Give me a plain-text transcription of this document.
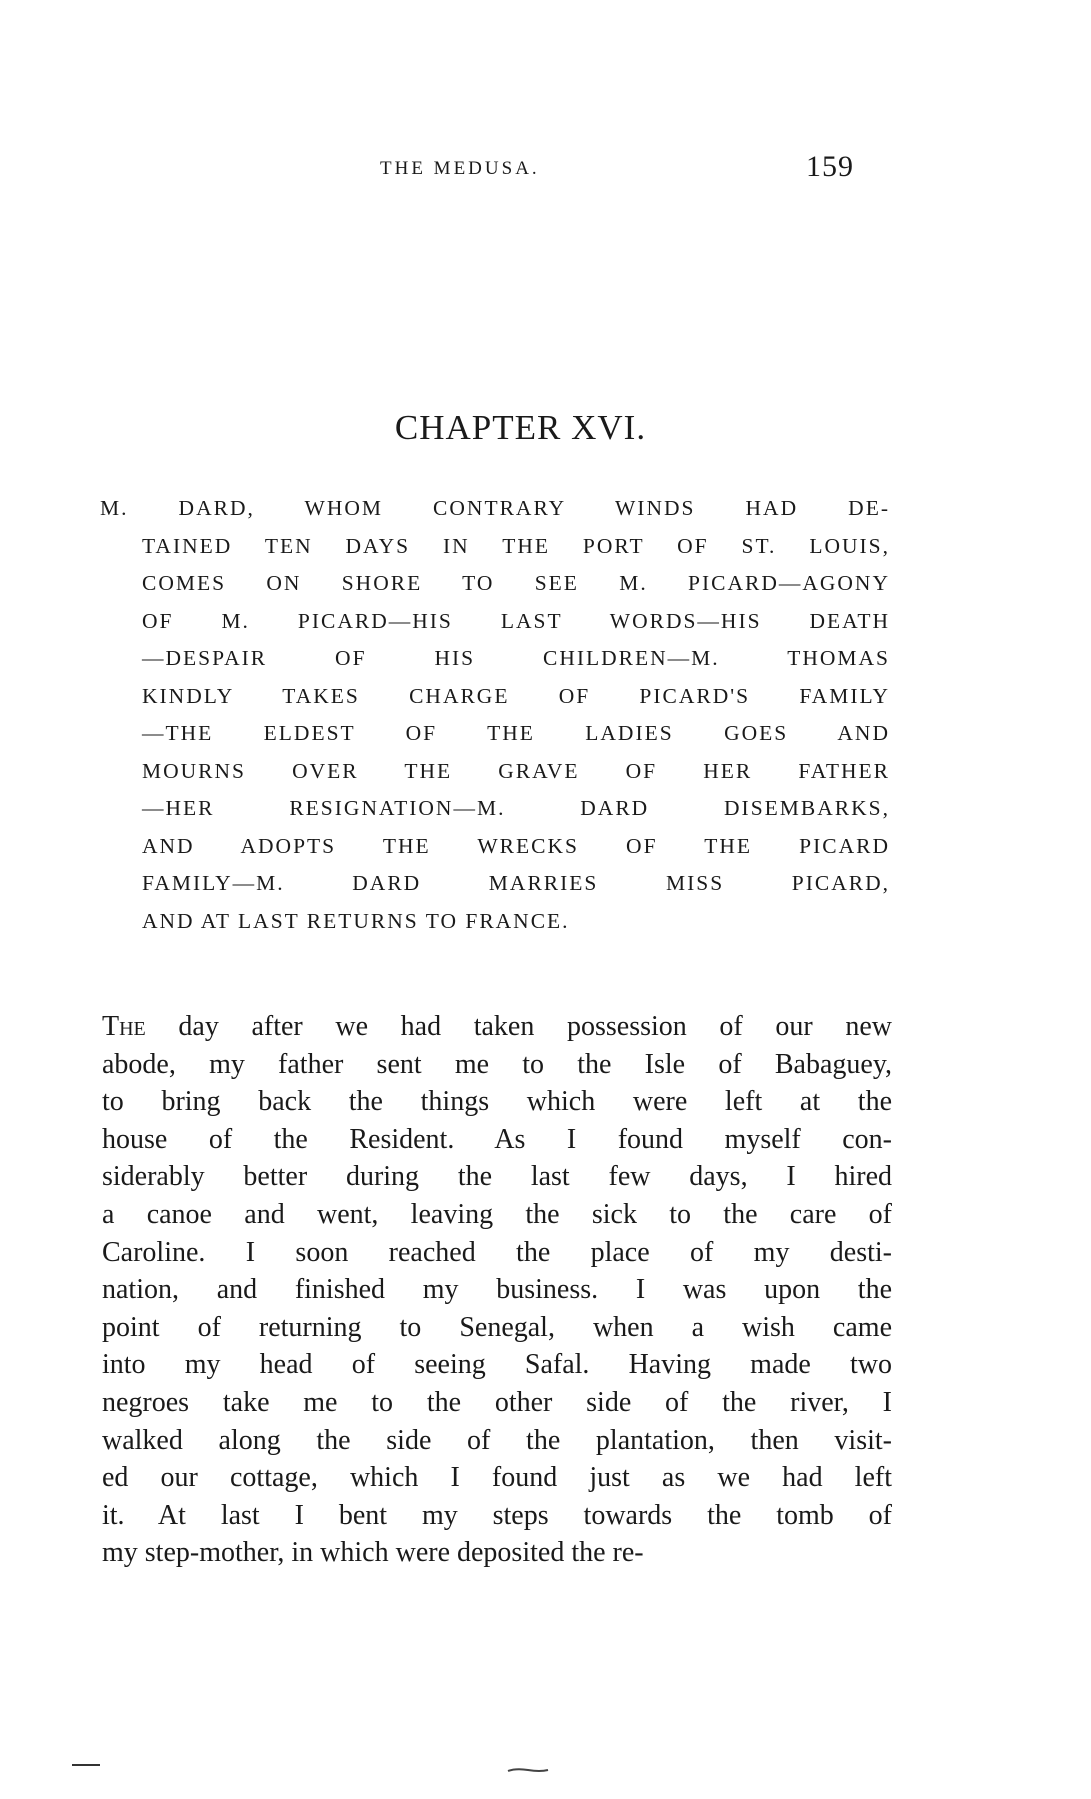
THE MEDUSA.	159
CHAPTER XVI.
M. DARD, WHOM CONTRARY WINDS HAD DE-
TAINED TEN DAYS IN THE PORT OF ST. LOUIS,
COMES ON SHORE TO SEE M. PICARD—AGONY
OF M. PICARD—HIS LAST WORDS—HIS DEATH
—DESPAIR OF HIS CHILDREN—M. THOMAS
KINDLY TAKES CHARGE OF PICARD'S FAMILY
—THE ELDEST OF THE LADIES GOES AND
MOURNS OVER THE GRAVE OF HER FATHER
—HER RESIGNATION—M. DARD DISEMBARKS,
AND ADOPTS THE WRECKS OF THE PICARD
FAMILY—M. DARD MARRIES MISS PICARD,
AND AT LAST RETURNS TO FRANCE.
The day after we had taken possession of our new
abode, my father sent me to the Isle of Babaguey,
to bring back the things which were left at the
house of the Resident. As I found myself con-
siderably better during the last few days, I hired
a canoe and went, leaving the sick to the care of
Caroline. I soon reached the place of my desti-
nation, and finished my business. I was upon the
point of returning to Senegal, when a wish came
into my head of seeing Safal. Having made two
negroes take me to the other side of the river, I
walked along the side of the plantation, then visit-
ed our cottage, which I found just as we had left
it. At last I bent my steps towards the tomb of
my step-mother, in which were deposited the re-
